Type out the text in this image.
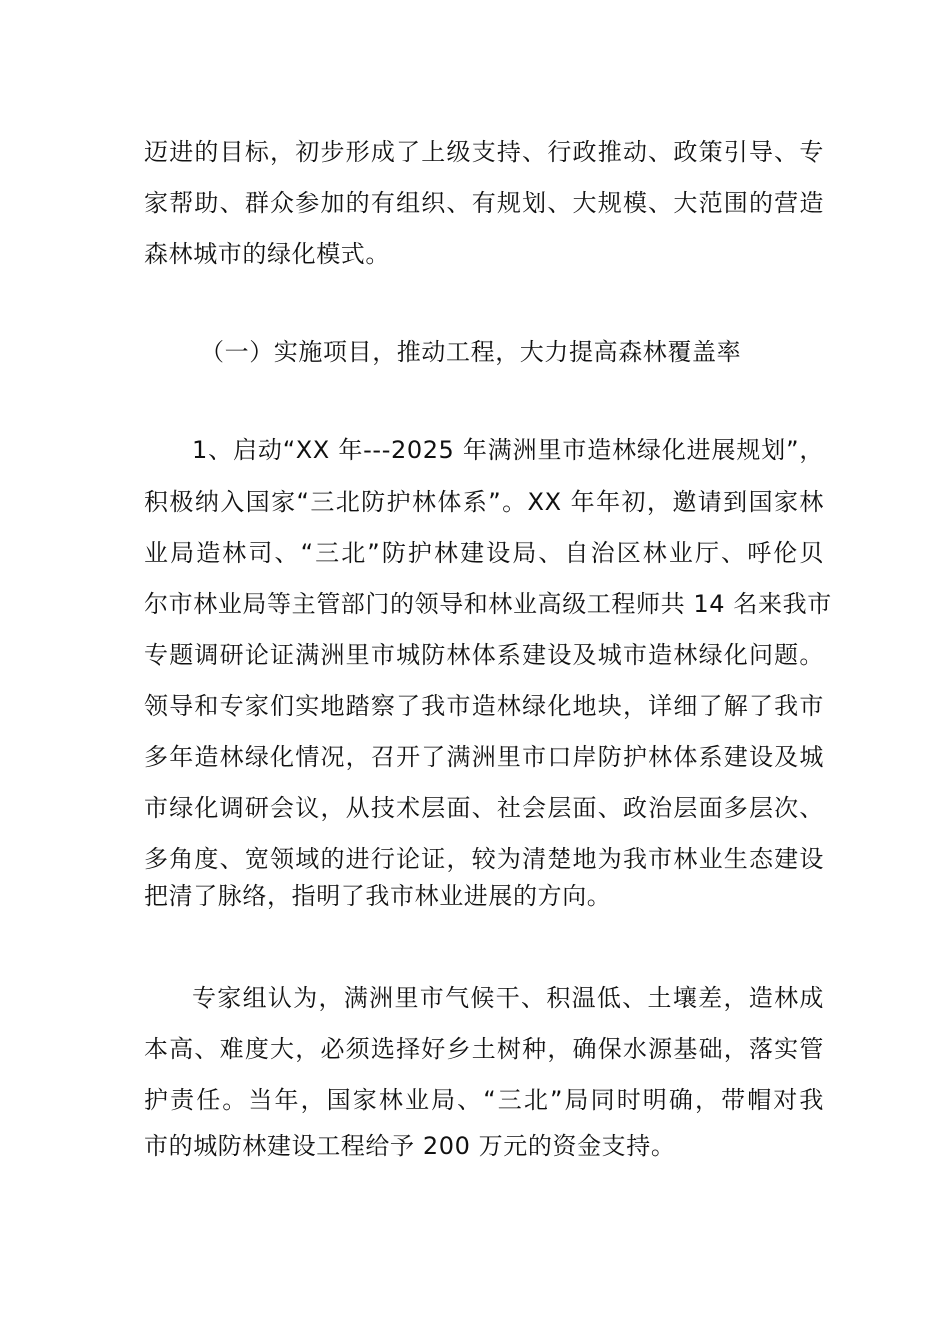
迈进的目标，初步形成了上级支持、行政推动、政策引导、专
家帮助、群众参加的有组织、有规划、大规模、大范围的营造
森林城市的绿化模式。
（一）实施项目，推动工程，大力提高森林覆盖率
1、启动“XX 年---2025 年满洲里市造林绿化进展规划”，
积极纳入国家“三北防护林体系”。XX 年年初，邀请到国家林
业局造林司、“三北”防护林建设局、自治区林业厅、呼伦贝
尔市林业局等主管部门的领导和林业高级工程师共 14 名来我市
专题调研论证满洲里市城防林体系建设及城市造林绿化问题。
领导和专家们实地踏察了我市造林绿化地块，详细了解了我市
多年造林绿化情况，召开了满洲里市口岸防护林体系建设及城
市绿化调研会议，从技术层面、社会层面、政治层面多层次、
多角度、宽领域的进行论证，较为清楚地为我市林业生态建设
把清了脉络，指明了我市林业进展的方向。
专家组认为，满洲里市气候干、积温低、土壤差，造林成
本高、难度大，必须选择好乡土树种，确保水源基础，落实管
护责任。当年，国家林业局、“三北”局同时明确，带帽对我
市的城防林建设工程给予 200 万元的资金支持。
